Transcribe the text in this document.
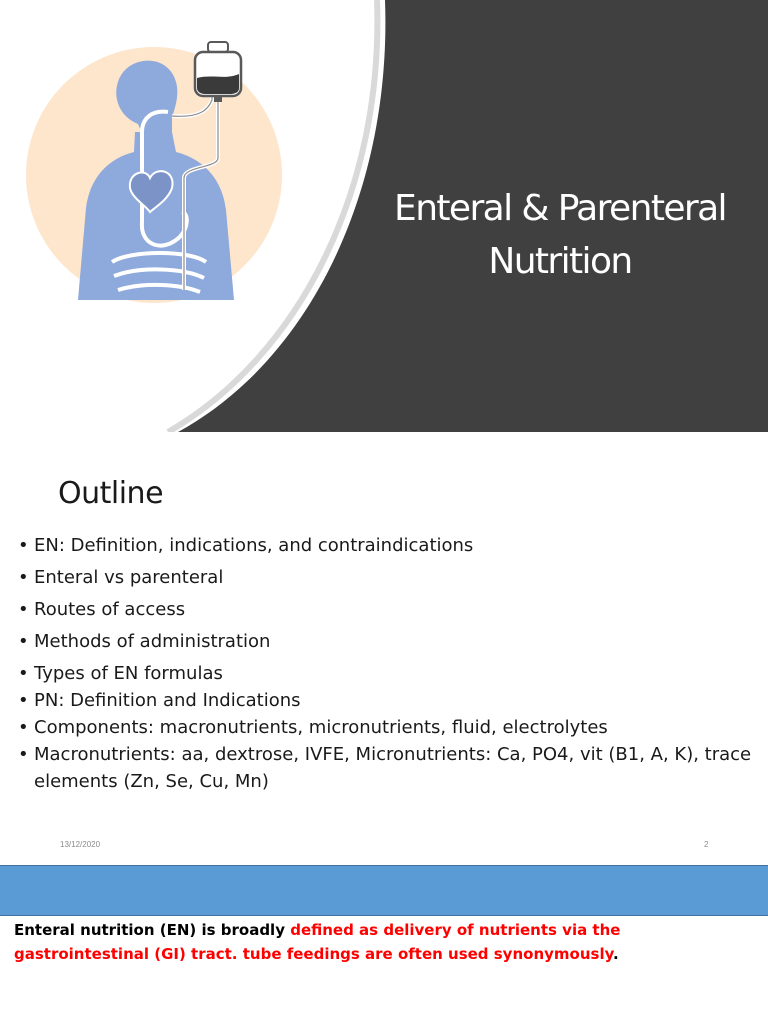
Enteral & Parenteral
Nutrition
Outline
• EN: Definition, indications, and contraindications
• Enteral vs parenteral
• Routes of access
• Methods of administration
• Types of EN formulas
• PN: Definition and Indications
• Components: macronutrients, micronutrients, fluid, electrolytes
• Macronutrients: aa, dextrose, IVFE, Micronutrients: Ca, PO4, vit (B1, A, K), trace elements (Zn, Se, Cu, Mn)
13/12/2020	2
Enteral nutrition (EN) is broadly defined as delivery of nutrients via the gastrointestinal (GI) tract. tube feedings are often used synonymously.
